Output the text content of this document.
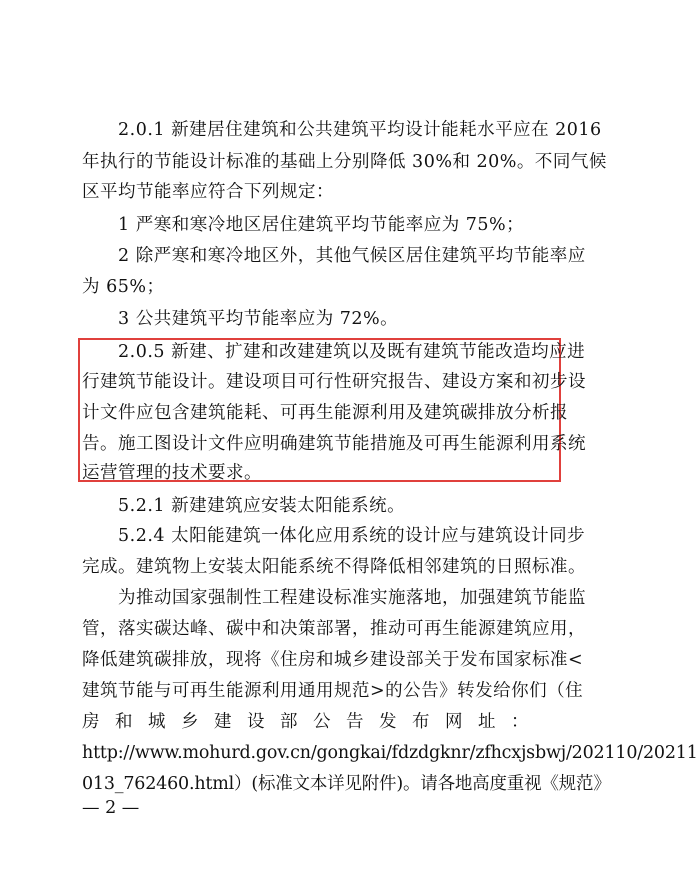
2.0.1 新建居住建筑和公共建筑平均设计能耗水平应在 2016
年执行的节能设计标准的基础上分别降低 30%和 20%。不同气候
区平均节能率应符合下列规定：
1 严寒和寒冷地区居住建筑平均节能率应为 75%；
2 除严寒和寒冷地区外，其他气候区居住建筑平均节能率应
为 65%；
3 公共建筑平均节能率应为 72%。
2.0.5 新建、扩建和改建建筑以及既有建筑节能改造均应进
行建筑节能设计。建设项目可行性研究报告、建设方案和初步设
计文件应包含建筑能耗、可再生能源利用及建筑碳排放分析报
告。施工图设计文件应明确建筑节能措施及可再生能源利用系统
运营管理的技术要求。
5.2.1 新建建筑应安装太阳能系统。
5.2.4 太阳能建筑一体化应用系统的设计应与建筑设计同步
完成。建筑物上安装太阳能系统不得降低相邻建筑的日照标准。
为推动国家强制性工程建设标准实施落地，加强建筑节能监
管，落实碳达峰、碳中和决策部署，推动可再生能源建筑应用，
降低建筑碳排放，现将《住房和城乡建设部关于发布国家标准<
建筑节能与可再生能源利用通用规范>的公告》转发给你们（住
房和城乡建设部公告发布网址：
http://www.mohurd.gov.cn/gongkai/fdzdgknr/zfhcxjsbwj/202110/20211
013_762460.html）(标准文本详见附件)。请各地高度重视《规范》
— 2 —
